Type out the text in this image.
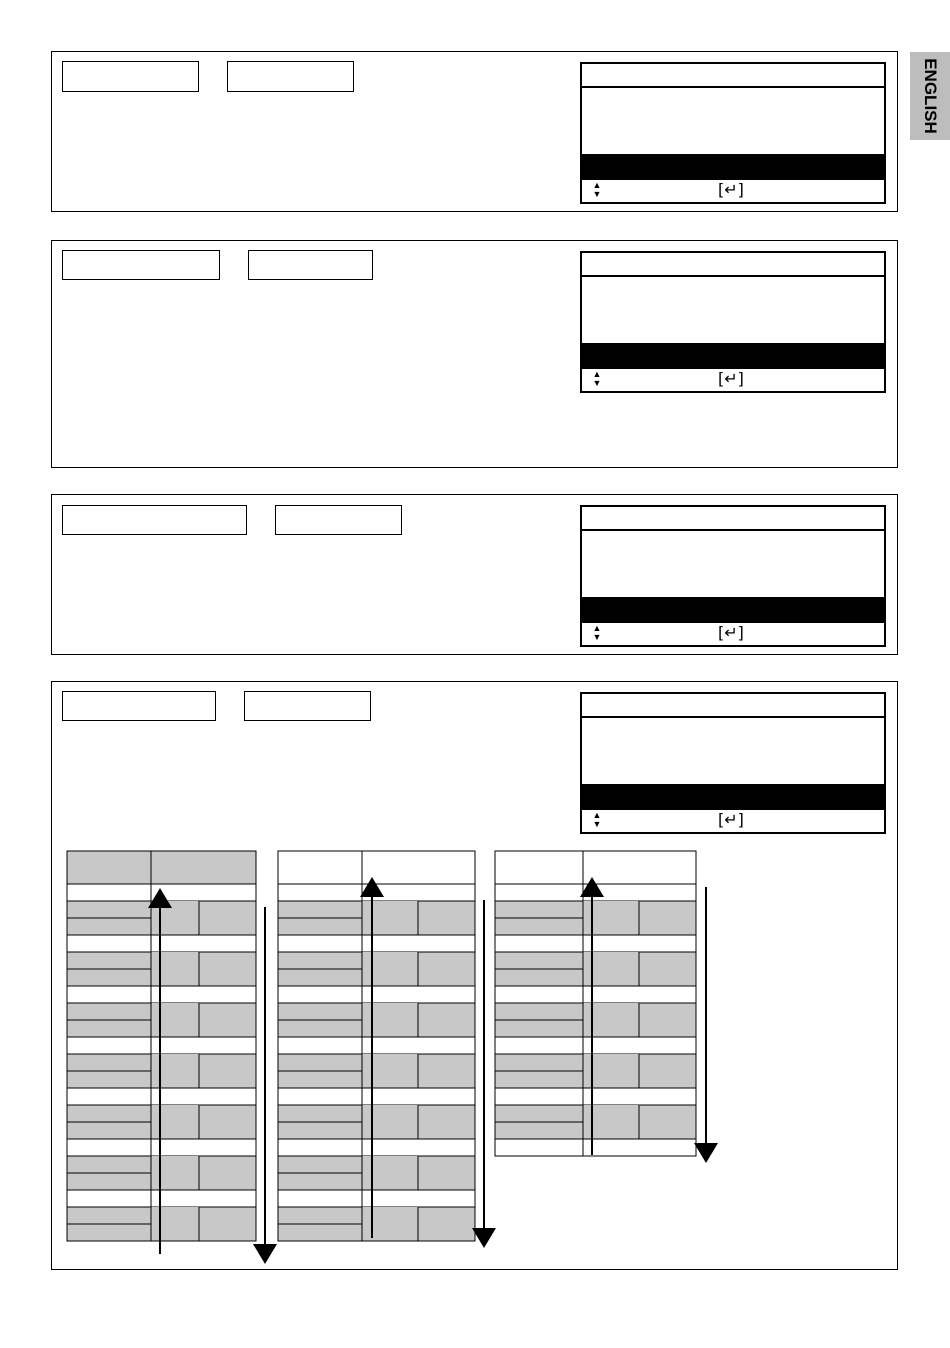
ENGLISH
▲
▼	[↵]
▲
▼	[↵]
▲
▼	[↵]
▲
▼	[↵]
